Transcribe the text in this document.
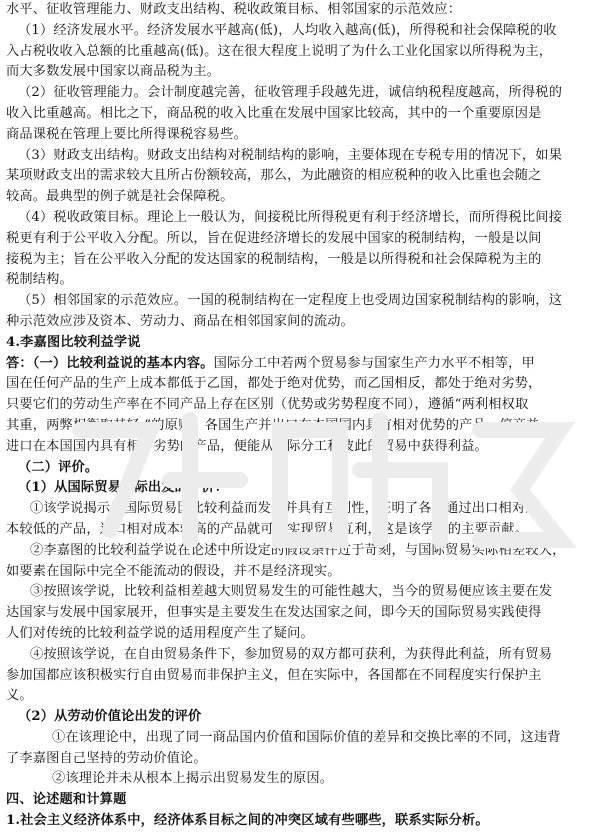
水平、征收管理能力、财政支出结构、税收政策目标、相邻国家的示范效应：
（1）经济发展水平。经济发展水平越高(低)，人均收入越高(低)，所得税和社会保障税的收
入占税收收入总额的比重越高(低)。这在很大程度上说明了为什么工业化国家以所得税为主，
而大多数发展中国家以商品税为主。
（2）征收管理能力。会计制度越完善，征收管理手段越先进，诚信纳税程度越高，所得税的
收入比重越高。相比之下，商品税的收入比重在发展中国家比较高，其中的一个重要原因是
商品课税在管理上要比所得课税容易些。
（3）财政支出结构。财政支出结构对税制结构的影响，主要体现在专税专用的情况下，如果
某项财政支出的需求较大且所占份额较高，那么，为此融资的相应税种的收入比重也会随之
较高。最典型的例子就是社会保障税。
（4）税收政策目标。理论上一般认为，间接税比所得税更有利于经济增长，而所得税比间接
税更有利于公平收入分配。所以，旨在促进经济增长的发展中国家的税制结构，一般是以间
接税为主；旨在公平收入分配的发达国家的税制结构，一般是以所得税和社会保障税为主的
税制结构。
（5）相邻国家的示范效应。一国的税制结构在一定程度上也受周边国家税制结构的影响，这
种示范效应涉及资本、劳动力、商品在相邻国家间的流动。
4.李嘉图比较利益学说
答：（一）比较利益说的基本内容。国际分工中若两个贸易参与国家生产力水平不相等，甲
国在任何产品的生产上成本都低于乙国，都处于绝对优势，而乙国相反，都处于绝对劣势，
只要它们的劳动生产率在不同产品上存在区别（优势或劣势程度不同），遵循“两利相权取
其重，两弊相衡取其轻 ”的原则，各国生产并出口在本国国内具有相对优势的产品，停产并
进口在本国国内具有相对劣势的产品，便能从国际分工和彼此的贸易中获得利益。
（二）评价。
（1）从国际贸易实际出发的评价：
①该学说揭示了国际贸易因比较利益而发生并具有互利性，证明了各国通过出口相对成
本较低的产品，进口相对成本较高的产品就可以实现贸易互利，这是该学说的主要贡献。
②李嘉图的比较利益学说在论述中所设定的假设条件过于苛刻，与国际贸易实际相差较大，
如要素在国际中完全不能流动的假设，并不是经济现实。
③按照该学说，比较利益相差越大则贸易发生的可能性越大，当今的贸易便应该主要在发
达国家与发展中国家展开，但事实是主要发生在发达国家之间，即今天的国际贸易实践使得
人们对传统的比较利益学说的适用程度产生了疑问。
④按照该学说，在自由贸易条件下，参加贸易的双方都可获利，为获得此利益，所有贸易
参加国都应该积极实行自由贸易而非保护主义，但在实际中，各国都在不同程度实行保护主
义。
（2）从劳动价值论出发的评价
①在该理论中，出现了同一商品国内价值和国际价值的差异和交换比率的不同，这违背
了李嘉图自己坚持的劳动价值论。
②该理论并未从根本上揭示出贸易发生的原因。
四、论述题和计算题
1.社会主义经济体系中，经济体系目标之间的冲突区域有些哪些，联系实际分析。
